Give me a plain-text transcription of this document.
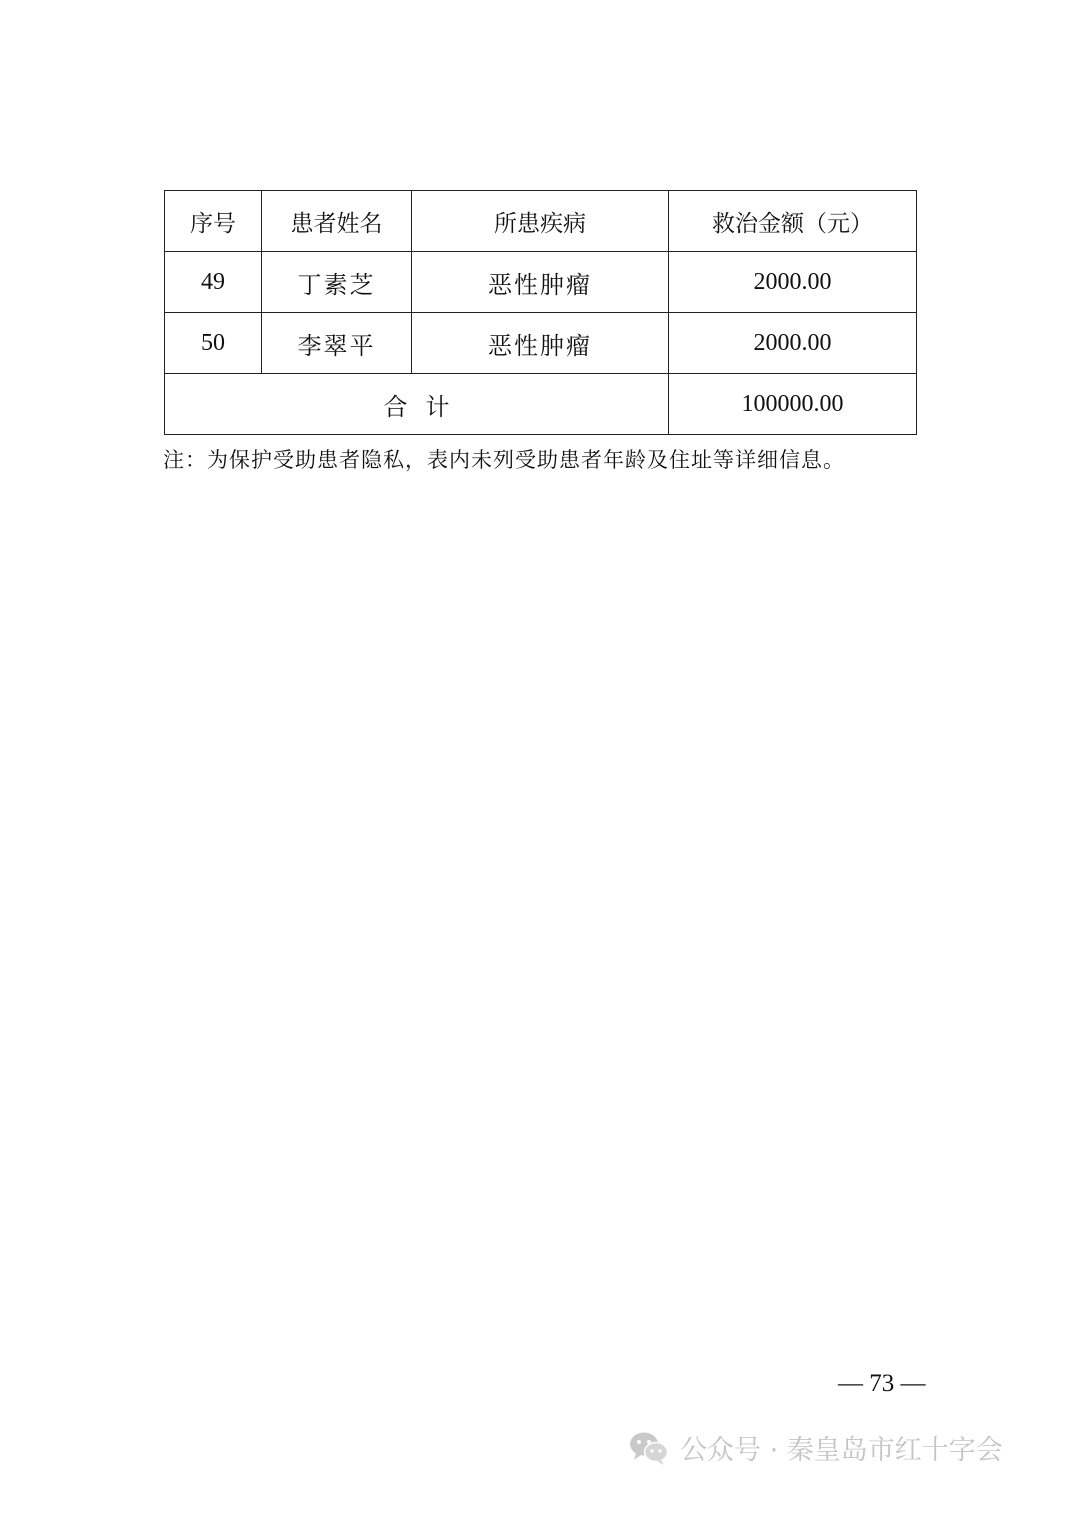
序号	患者姓名	所患疾病	救治金额（元）
49	丁素芝	恶性肿瘤	2000.00
50	李翠平	恶性肿瘤	2000.00
合计			100000.00
注：为保护受助患者隐私，表内未列受助患者年龄及住址等详细信息。
— 73 —
公众号 · 秦皇岛市红十字会
